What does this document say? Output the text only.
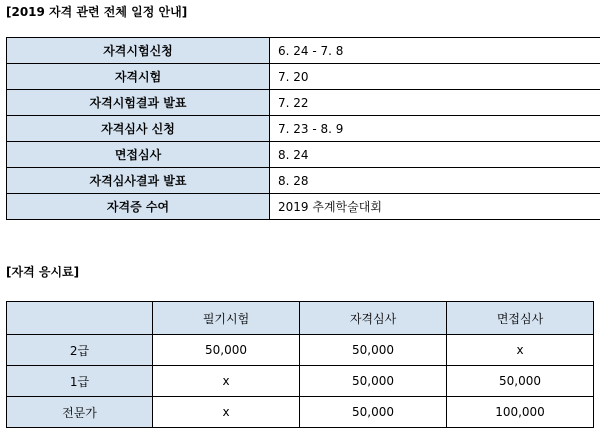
[2019 자격 관련 전체 일정 안내]
자격시험신청	6. 24 - 7. 8
자격시험	7. 20
자격시험결과 발표	7. 22
자격심사 신청	7. 23 - 8. 9
면접심사	8. 24
자격심사결과 발표	8. 28
자격증 수여	2019 추계학술대회
[자격 응시료]
	필기시험	자격심사	면접심사
2급	50,000	50,000	x
1급	x	50,000	50,000
전문가	x	50,000	100,000
